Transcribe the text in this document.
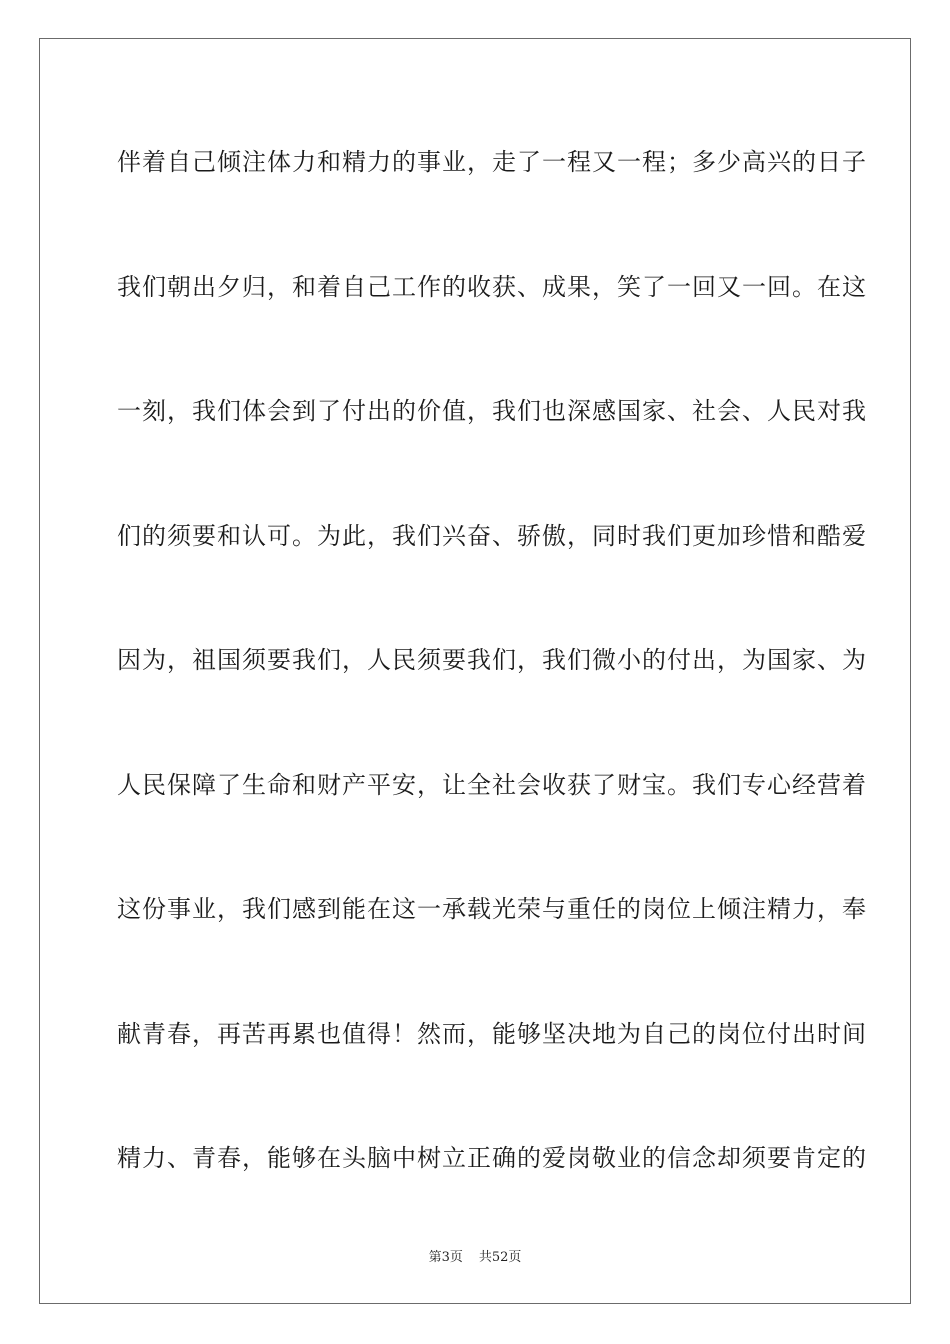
伴着自己倾注体力和精力的事业，走了一程又一程；多少高兴的日子
我们朝出夕归，和着自己工作的收获、成果，笑了一回又一回。在这
一刻，我们体会到了付出的价值，我们也深感国家、社会、人民对我
们的须要和认可。为此，我们兴奋、骄傲，同时我们更加珍惜和酷爱
因为，祖国须要我们，人民须要我们，我们微小的付出，为国家、为
人民保障了生命和财产平安，让全社会收获了财宝。我们专心经营着
这份事业，我们感到能在这一承载光荣与重任的岗位上倾注精力，奉
献青春，再苦再累也值得！然而，能够坚决地为自己的岗位付出时间
精力、青春，能够在头脑中树立正确的爱岗敬业的信念却须要肯定的
第3页 共52页
